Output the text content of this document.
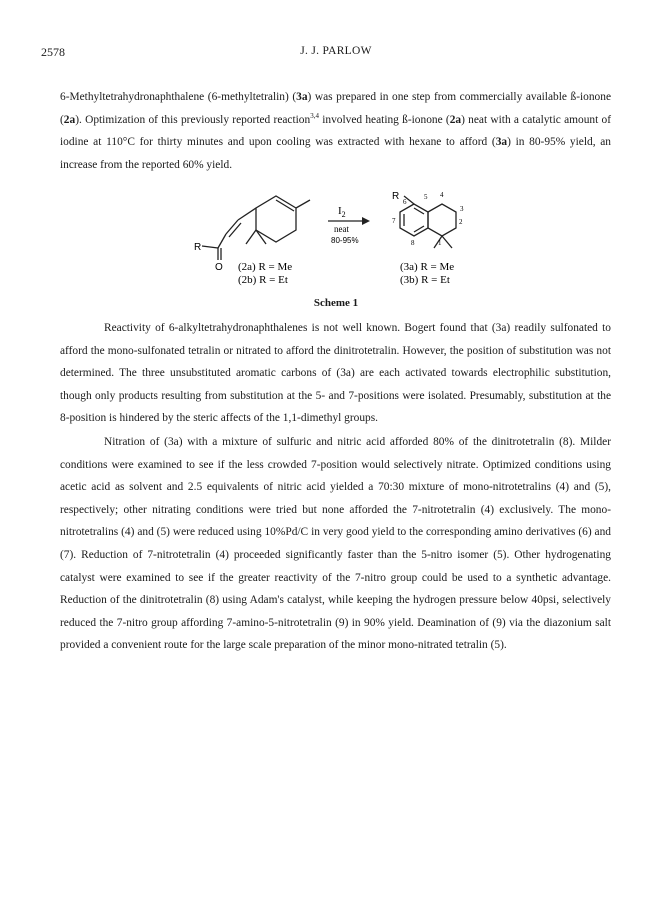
2578	J. J. PARLOW

6-Methyltetrahydronaphthalene (6-methyltetralin) (3a) was prepared in one step from commercially available ß-ionone (2a). Optimization of this previously reported reaction$^{3,4}$ involved heating ß-ionone (2a) neat with a catalytic amount of iodine at 110°C for thirty minutes and upon cooling was extracted with hexane to afford (3a) in 80-95% yield, an increase from the reported 60% yield.

R
O (2a) R = Me
(2b) R = Et
$I_2$
neat
80-95%
R	5 4
3
6
7	2
8	1
(3a) R = Me
(3b) R = Et
Scheme 1

Reactivity of 6-alkyltetrahydronaphthalenes is not well known. Bogert found that (3a) readily sulfonated to afford the mono-sulfonated tetralin or nitrated to afford the dinitrotetralin. However, the position of substitution was not determined. The three unsubstituted aromatic carbons of (3a) are each activated towards electrophilic substitution, though only products resulting from substitution at the 5- and 7-positions were isolated. Presumably, substitution at the 8-position is hindered by the steric affects of the 1,1-dimethyl groups.

Nitration of (3a) with a mixture of sulfuric and nitric acid afforded 80% of the dinitrotetralin (8). Milder conditions were examined to see if the less crowded 7-position would selectively nitrate. Optimized conditions using acetic acid as solvent and 2.5 equivalents of nitric acid yielded a 70:30 mixture of mono-nitrotetralins (4) and (5), respectively; other nitrating conditions were tried but none afforded the 7-nitrotetralin (4) exclusively. The mono-nitrotetralins (4) and (5) were reduced using 10%Pd/C in very good yield to the corresponding amino derivatives (6) and (7). Reduction of 7-nitrotetralin (4) proceeded significantly faster than the 5-nitro isomer (5). Other hydrogenating catalyst were examined to see if the greater reactivity of the 7-nitro group could be used to a synthetic advantage. Reduction of the dinitrotetralin (8) using Adam's catalyst, while keeping the hydrogen pressure below 40psi, selectively reduced the 7-nitro group affording 7-amino-5-nitrotetralin (9) in 90% yield. Deamination of (9) via the diazonium salt provided a convenient route for the large scale preparation of the minor mono-nitrated tetralin (5).
